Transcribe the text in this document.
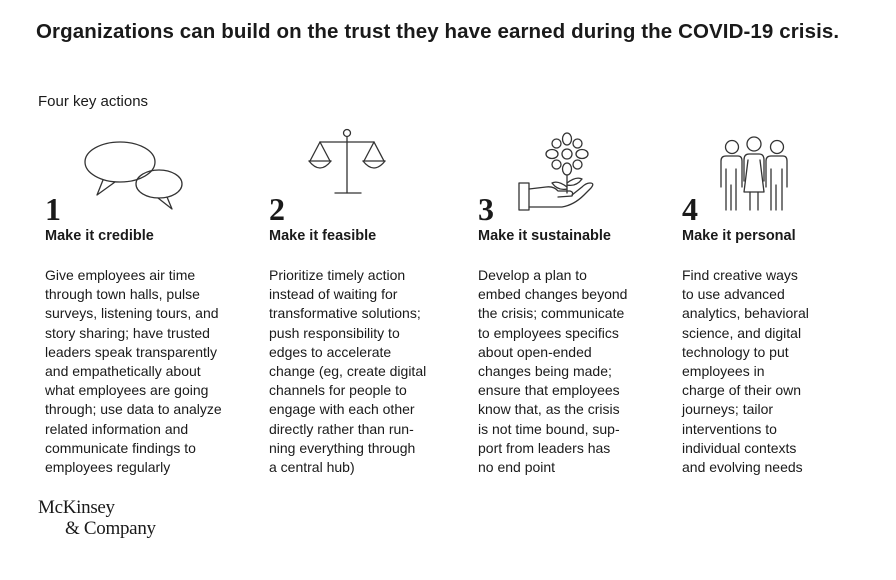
Organizations can build on the trust they have earned during the COVID-19 crisis.
Four key actions
1
Make it credible
Give employees air time
through town halls, pulse
surveys, listening tours, and
story sharing; have trusted
leaders speak transparently
and empathetically about
what employees are going
through; use data to analyze
related information and
communicate findings to
employees regularly
2
Make it feasible
Prioritize timely action
instead of waiting for
transformative solutions;
push responsibility to
edges to accelerate
change (eg, create digital
channels for people to
engage with each other
directly rather than run-
ning everything through
a central hub)
3
Make it sustainable
Develop a plan to
embed changes beyond
the crisis; communicate
to employees specifics
about open-ended
changes being made;
ensure that employees
know that, as the crisis
is not time bound, sup-
port from leaders has
no end point
4
Make it personal
Find creative ways
to use advanced
analytics, behavioral
science, and digital
technology to put
employees in
charge of their own
journeys; tailor
interventions to
individual contexts
and evolving needs
McKinsey
& Company
